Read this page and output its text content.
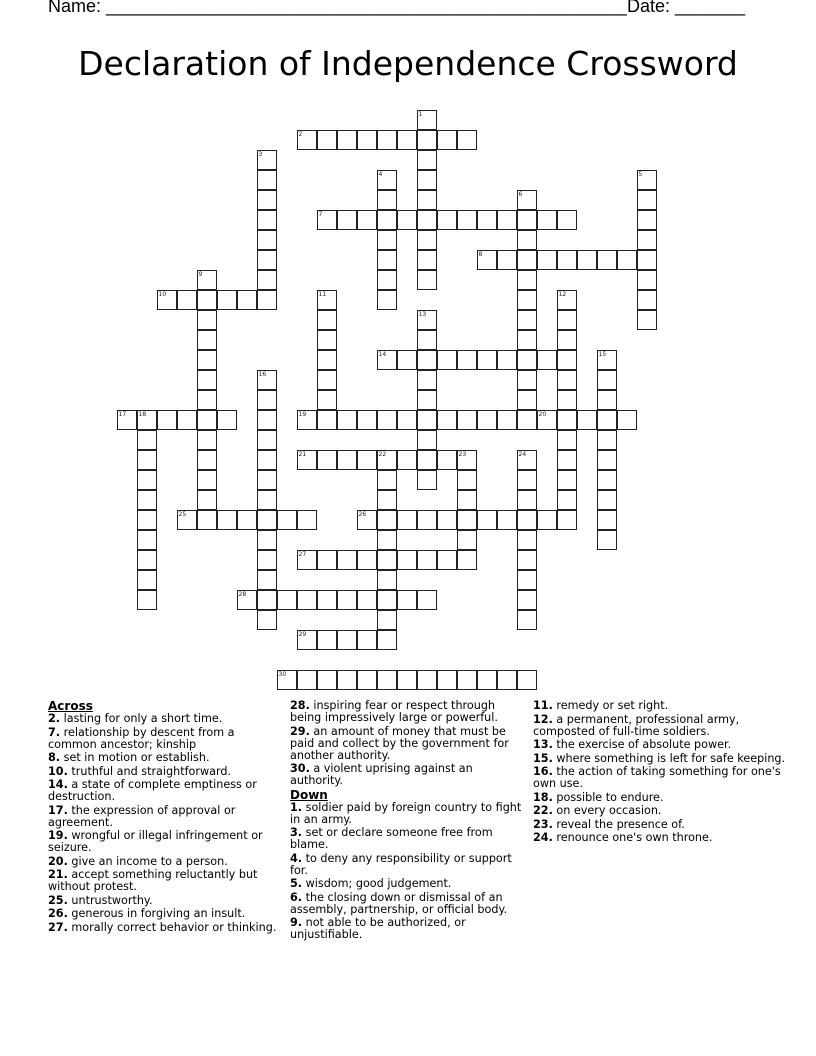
Name: ____________________________________________________ Date: _______
Declaration of Independence Crossword
1
2
3
4	5
6
7
8
9
10	11	12
13
14	15
16
17 18	19	20
21	22	23	24
25	26
27
28
29
30
Across
2. lasting for only a short time.
7. relationship by descent from a common ancestor; kinship
8. set in motion or establish.
10. truthful and straightforward.
14. a state of complete emptiness or destruction.
17. the expression of approval or agreement.
19. wrongful or illegal infringement or seizure.
20. give an income to a person.
21. accept something reluctantly but without protest.
25. untrustworthy.
26. generous in forgiving an insult.
27. morally correct behavior or thinking.
28. inspiring fear or respect through being impressively large or powerful.
29. an amount of money that must be paid and collect by the government for another authority.
30. a violent uprising against an authority.
Down
1. soldier paid by foreign country to fight in an army.
3. set or declare someone free from blame.
4. to deny any responsibility or support for.
5. wisdom; good judgement.
6. the closing down or dismissal of an assembly, partnership, or official body.
9. not able to be authorized, or unjustifiable.
11. remedy or set right.
12. a permanent, professional army, composted of full-time soldiers.
13. the exercise of absolute power.
15. where something is left for safe keeping.
16. the action of taking something for one's own use.
18. possible to endure.
22. on every occasion.
23. reveal the presence of.
24. renounce one's own throne.
